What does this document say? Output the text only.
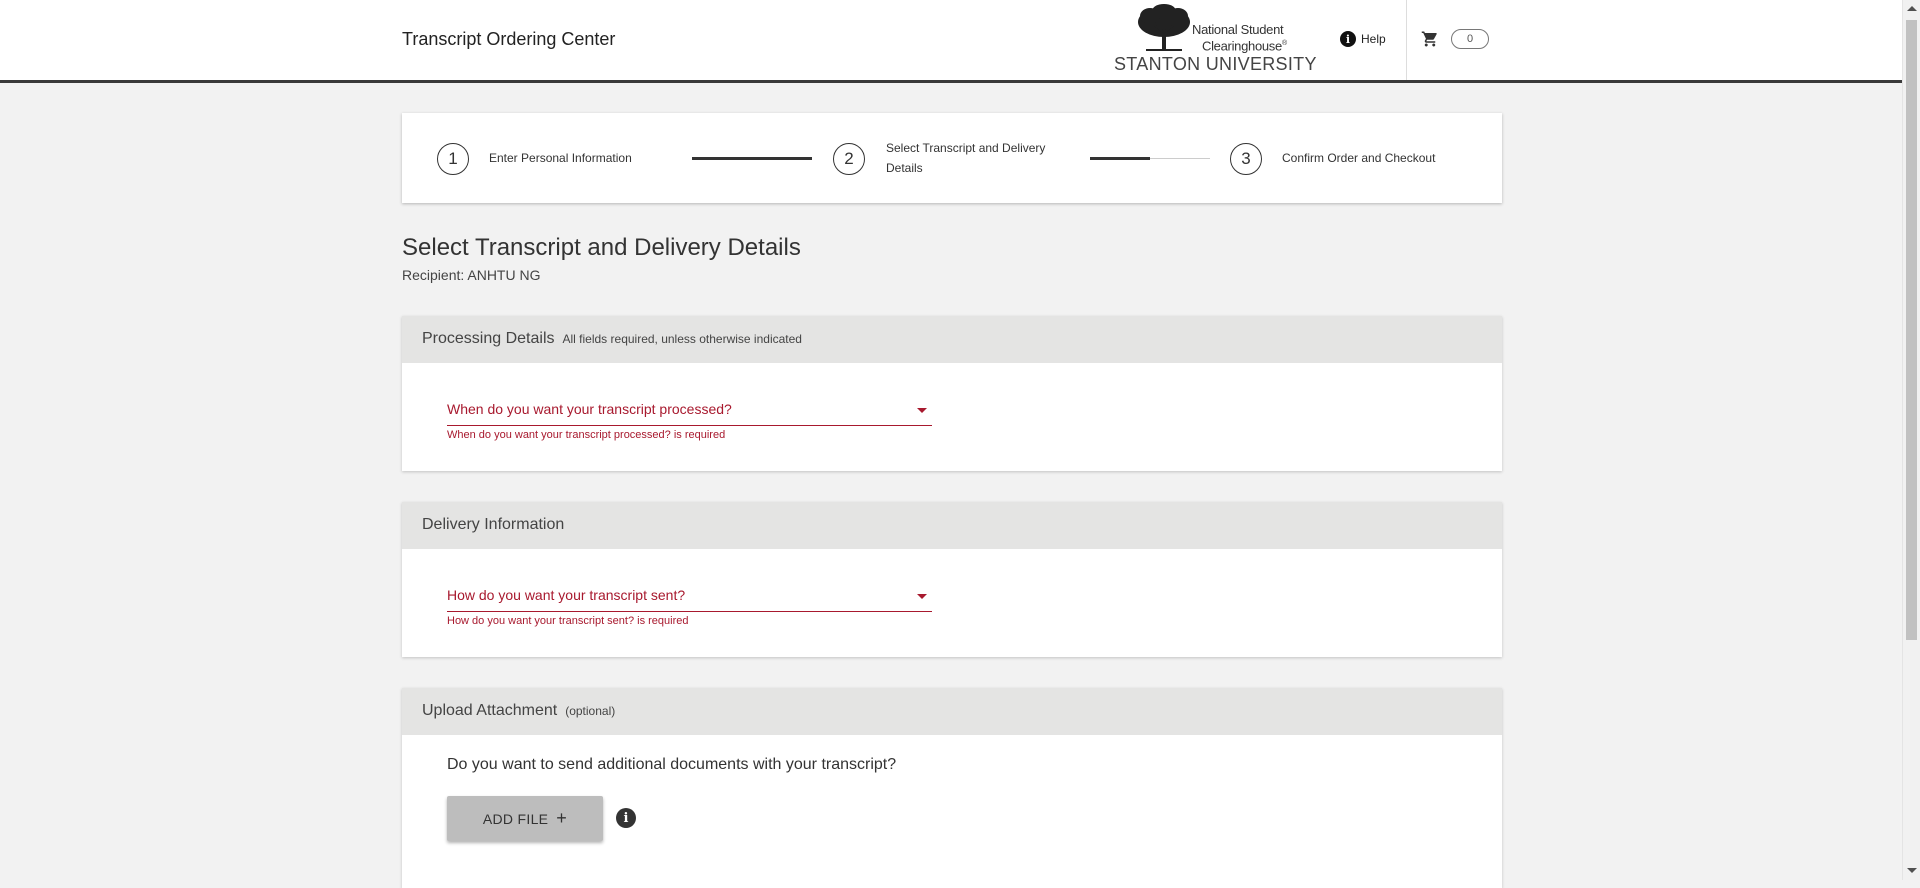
Transcript Ordering Center	National Student
Clearinghouse®
STANTON UNIVERSITY
i Help	0
1	Enter Personal Information	2
Select Transcript and Delivery Details	3	Confirm Order and Checkout
Select Transcript and Delivery Details
Recipient: ANHTU NG
Processing Details All fields required, unless otherwise indicated
When do you want your transcript processed?
When do you want your transcript processed? is required
Delivery Information
How do you want your transcript sent?
How do you want your transcript sent? is required
Upload Attachment (optional)
Do you want to send additional documents with your transcript?
ADD FILE +	i
